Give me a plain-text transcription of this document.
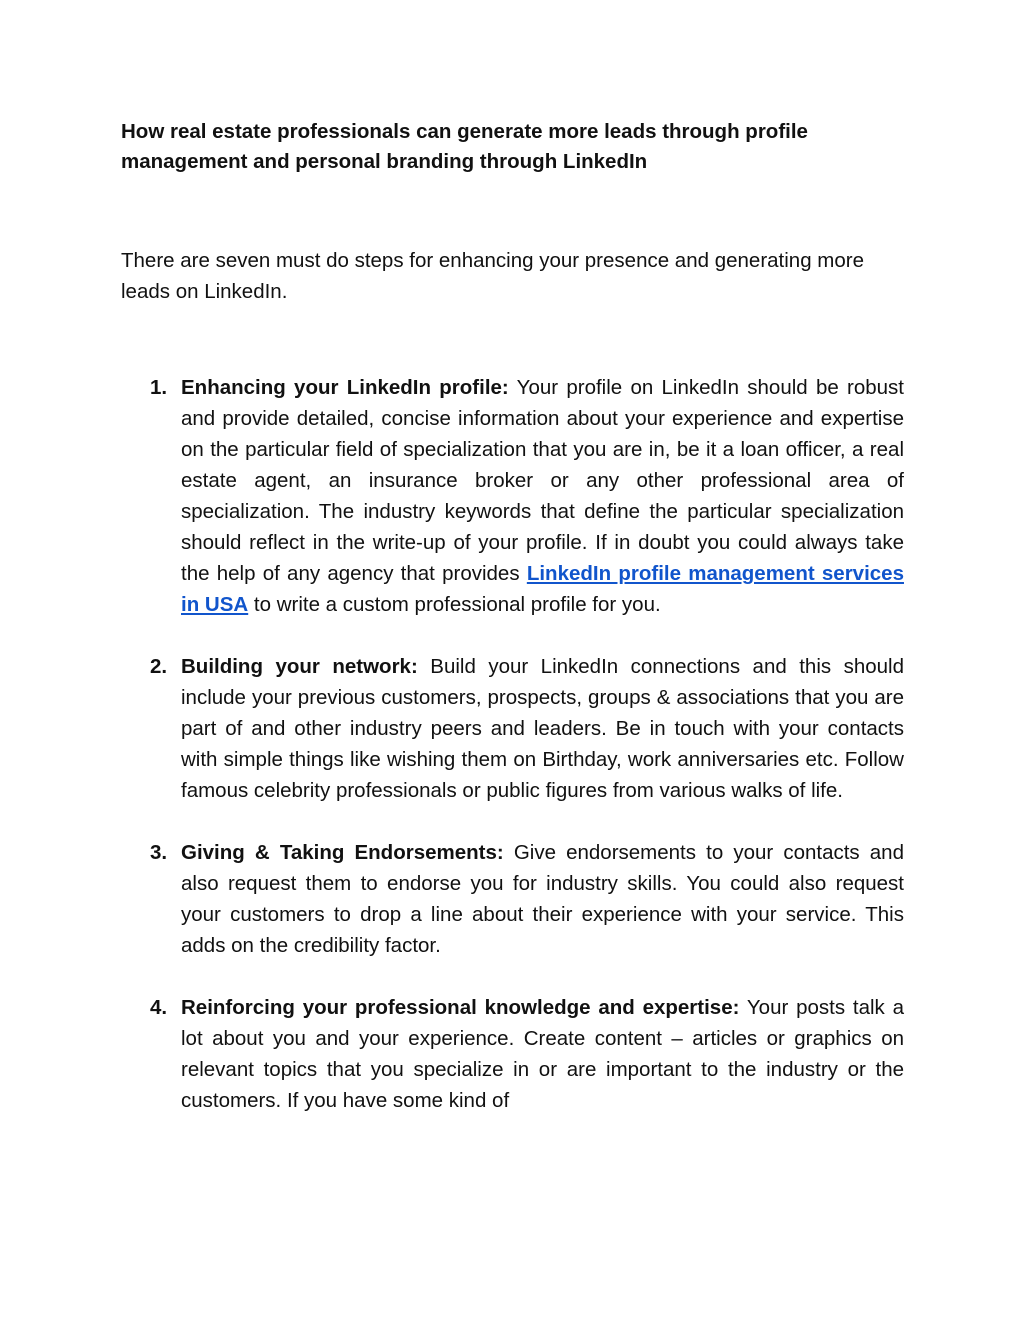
How real estate professionals can generate more leads through profile management and personal branding through LinkedIn

There are seven must do steps for enhancing your presence and generating more leads on LinkedIn.

1. Enhancing your LinkedIn profile: Your profile on LinkedIn should be robust and provide detailed, concise information about your experience and expertise on the particular field of specialization that you are in, be it a loan officer, a real estate agent, an insurance broker or any other professional area of specialization. The industry keywords that define the particular specialization should reflect in the write-up of your profile. If in doubt you could always take the help of any agency that provides LinkedIn profile management services in USA to write a custom professional profile for you.
2. Building your network: Build your LinkedIn connections and this should include your previous customers, prospects, groups & associations that you are part of and other industry peers and leaders. Be in touch with your contacts with simple things like wishing them on Birthday, work anniversaries etc. Follow famous celebrity professionals or public figures from various walks of life.
3. Giving & Taking Endorsements: Give endorsements to your contacts and also request them to endorse you for industry skills. You could also request your customers to drop a line about their experience with your service. This adds on the credibility factor.
4. Reinforcing your professional knowledge and expertise: Your posts talk a lot about you and your experience. Create content – articles or graphics on relevant topics that you specialize in or are important to the industry or the customers. If you have some kind of
